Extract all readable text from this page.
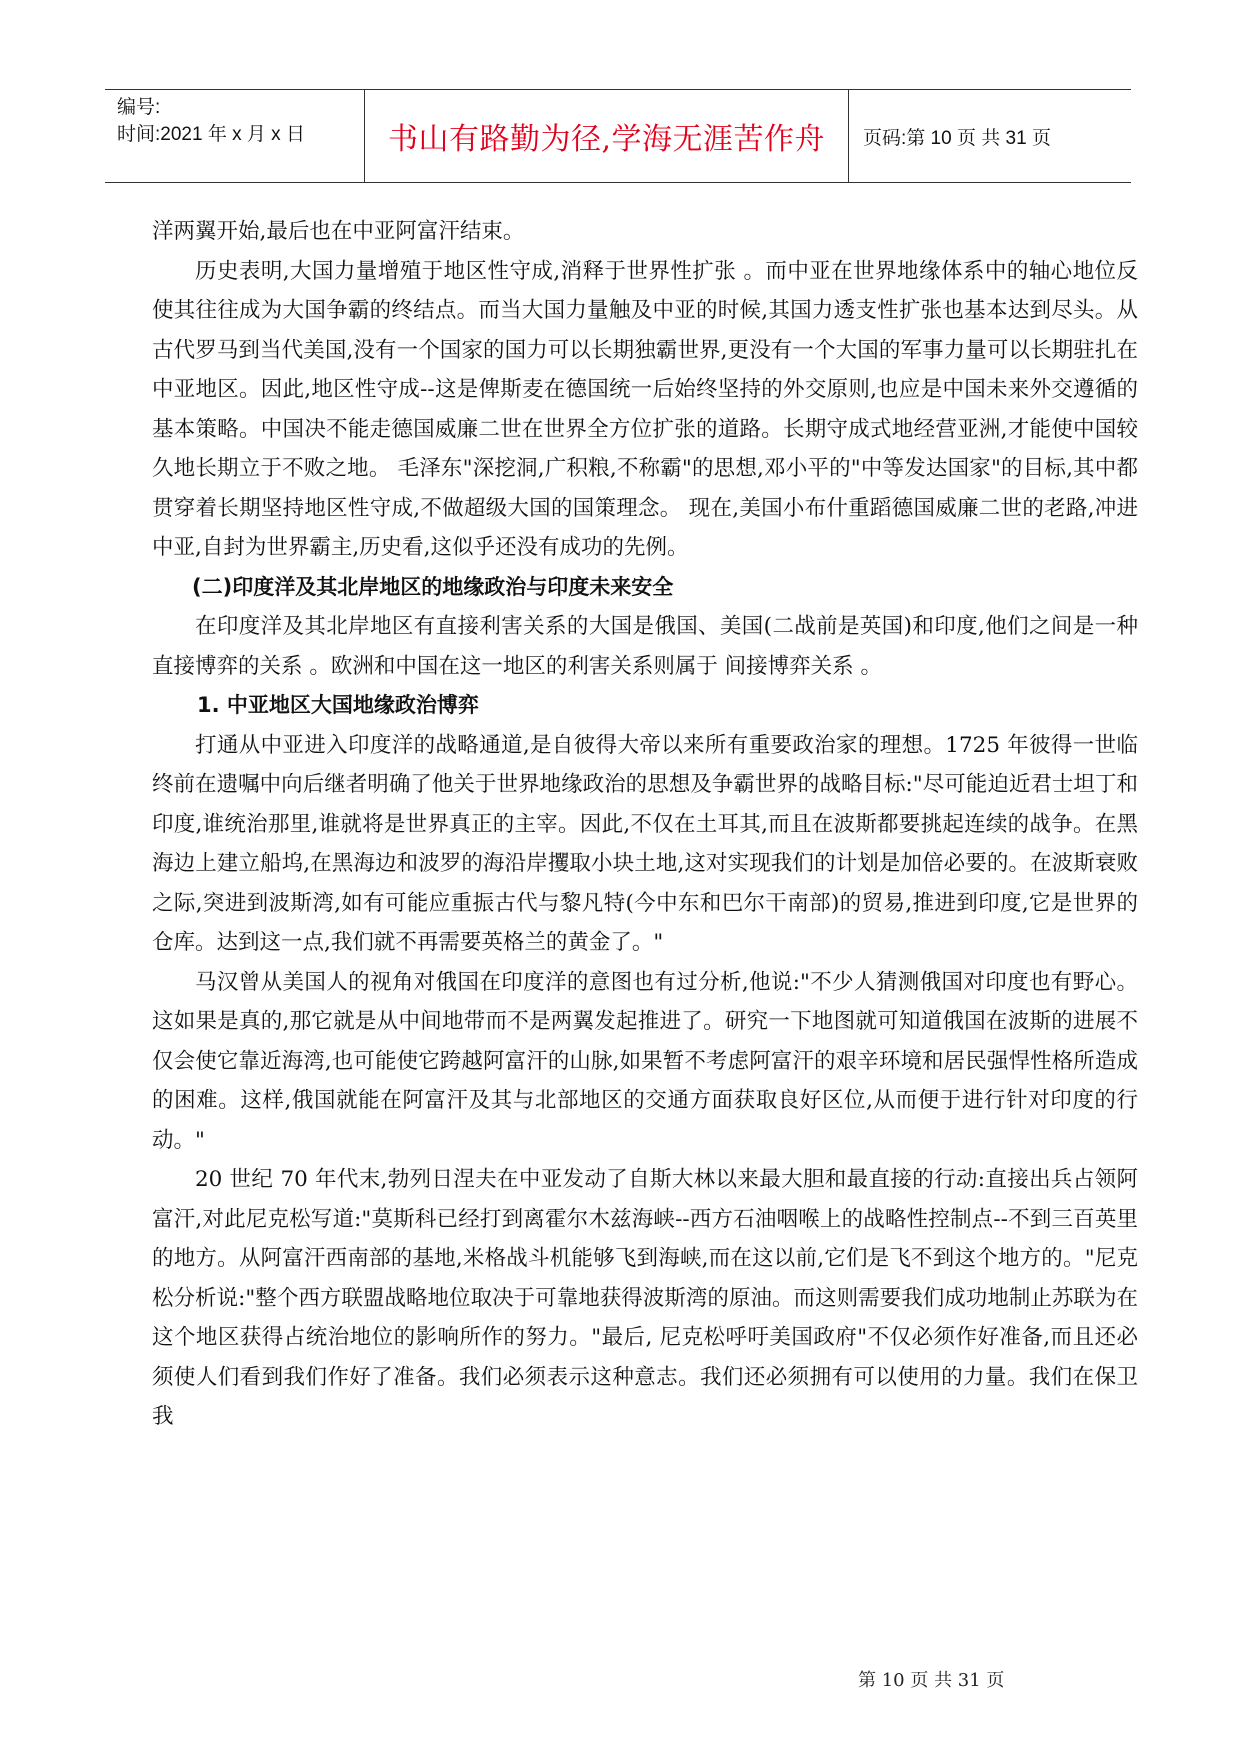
编号:
时间:2021 年 x 月 x 日	书山有路勤为径,学海无涯苦作舟	页码:第 10 页 共 31 页

洋两翼开始,最后也在中亚阿富汗结束。

历史表明,大国力量增殖于地区性守成,消释于世界性扩张 。而中亚在世界地缘体系中的轴心地位反使其往往成为大国争霸的终结点。而当大国力量触及中亚的时候,其国力透支性扩张也基本达到尽头。从古代罗马到当代美国,没有一个国家的国力可以长期独霸世界,更没有一个大国的军事力量可以长期驻扎在中亚地区。因此,地区性守成--这是俾斯麦在德国统一后始终坚持的外交原则,也应是中国未来外交遵循的基本策略。中国决不能走德国威廉二世在世界全方位扩张的道路。长期守成式地经营亚洲,才能使中国较久地长期立于不败之地。 毛泽东"深挖洞,广积粮,不称霸"的思想,邓小平的"中等发达国家"的目标,其中都贯穿着长期坚持地区性守成,不做超级大国的国策理念。 现在,美国小布什重蹈德国威廉二世的老路,冲进中亚,自封为世界霸主,历史看,这似乎还没有成功的先例。

(二)印度洋及其北岸地区的地缘政治与印度未来安全

在印度洋及其北岸地区有直接利害关系的大国是俄国、美国(二战前是英国)和印度,他们之间是一种 直接博弈的关系 。欧洲和中国在这一地区的利害关系则属于 间接博弈关系 。

1. 中亚地区大国地缘政治博弈

打通从中亚进入印度洋的战略通道,是自彼得大帝以来所有重要政治家的理想。1725 年彼得一世临终前在遗嘱中向后继者明确了他关于世界地缘政治的思想及争霸世界的战略目标:"尽可能迫近君士坦丁和印度,谁统治那里,谁就将是世界真正的主宰。因此,不仅在土耳其,而且在波斯都要挑起连续的战争。在黑海边上建立船坞,在黑海边和波罗的海沿岸攫取小块土地,这对实现我们的计划是加倍必要的。在波斯衰败之际,突进到波斯湾,如有可能应重振古代与黎凡特(今中东和巴尔干南部)的贸易,推进到印度,它是世界的仓库。达到这一点,我们就不再需要英格兰的黄金了。"

马汉曾从美国人的视角对俄国在印度洋的意图也有过分析,他说:"不少人猜测俄国对印度也有野心。这如果是真的,那它就是从中间地带而不是两翼发起推进了。研究一下地图就可知道俄国在波斯的进展不仅会使它靠近海湾,也可能使它跨越阿富汗的山脉,如果暂不考虑阿富汗的艰辛环境和居民强悍性格所造成的困难。这样,俄国就能在阿富汗及其与北部地区的交通方面获取良好区位,从而便于进行针对印度的行动。"

20 世纪 70 年代末,勃列日涅夫在中亚发动了自斯大林以来最大胆和最直接的行动:直接出兵占领阿富汗,对此尼克松写道:"莫斯科已经打到离霍尔木兹海峡--西方石油咽喉上的战略性控制点--不到三百英里的地方。从阿富汗西南部的基地,米格战斗机能够飞到海峡,而在这以前,它们是飞不到这个地方的。"尼克松分析说:"整个西方联盟战略地位取决于可靠地获得波斯湾的原油。而这则需要我们成功地制止苏联为在这个地区获得占统治地位的影响所作的努力。"最后, 尼克松呼吁美国政府"不仅必须作好准备,而且还必须使人们看到我们作好了准备。我们必须表示这种意志。我们还必须拥有可以使用的力量。我们在保卫我

第 10 页 共 31 页
